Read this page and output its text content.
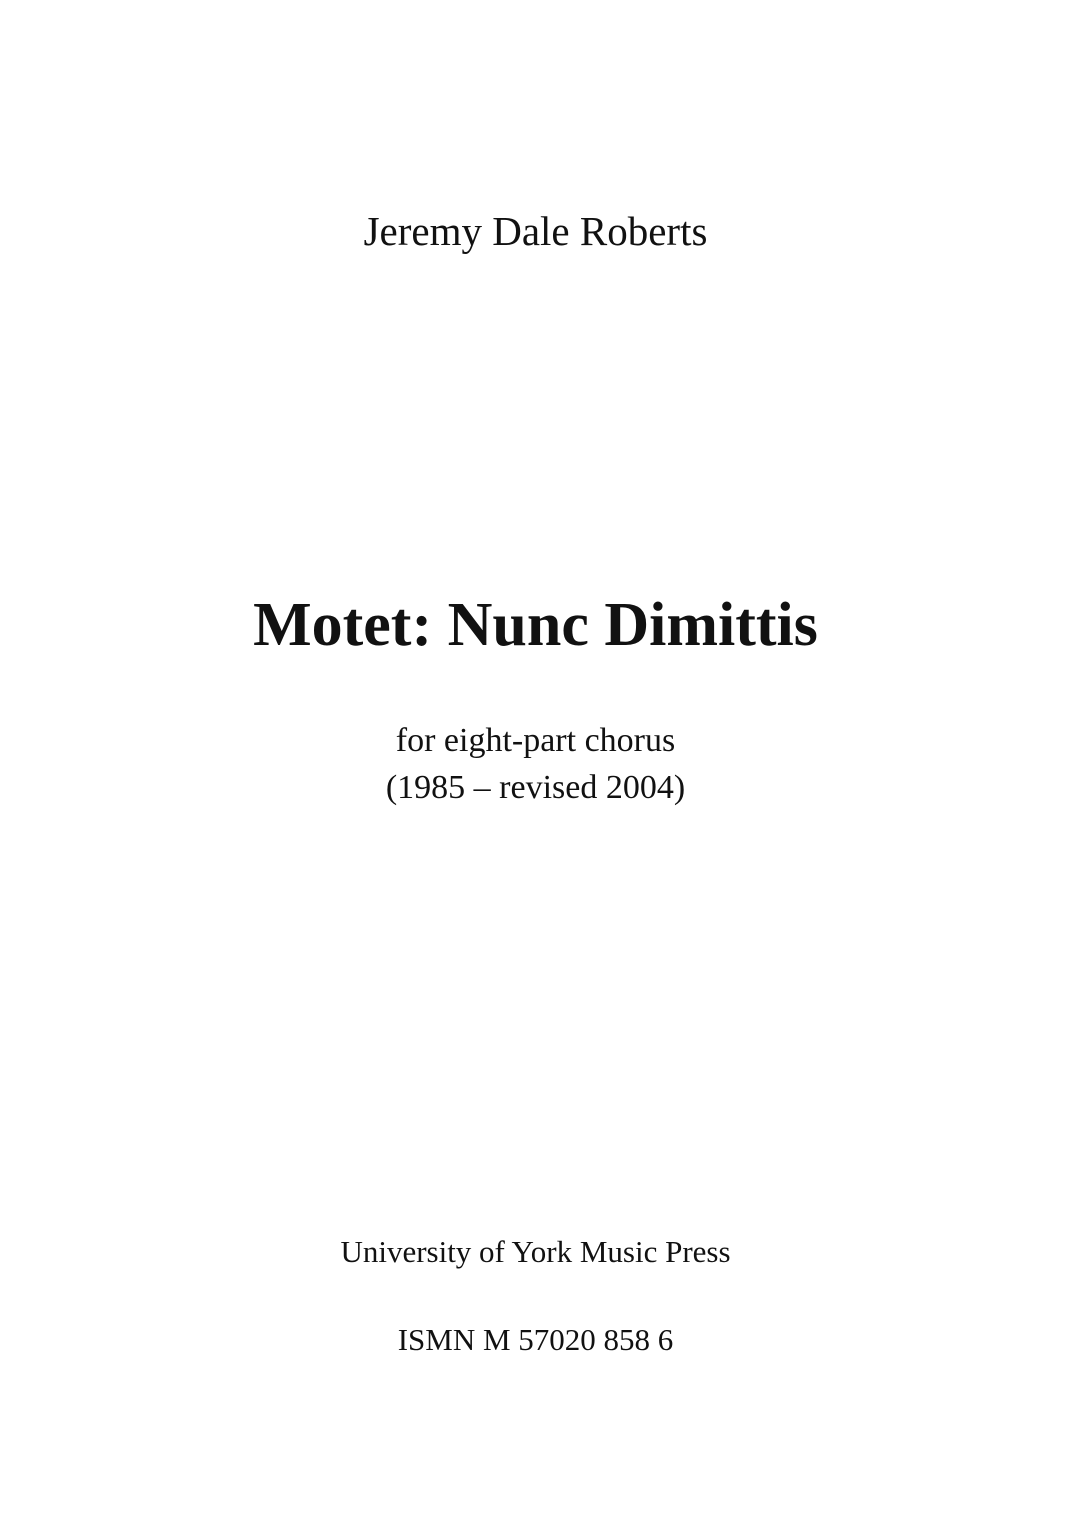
Jeremy Dale Roberts
Motet: Nunc Dimittis
for eight-part chorus
(1985 – revised 2004)
University of York Music Press
ISMN M 57020 858 6
